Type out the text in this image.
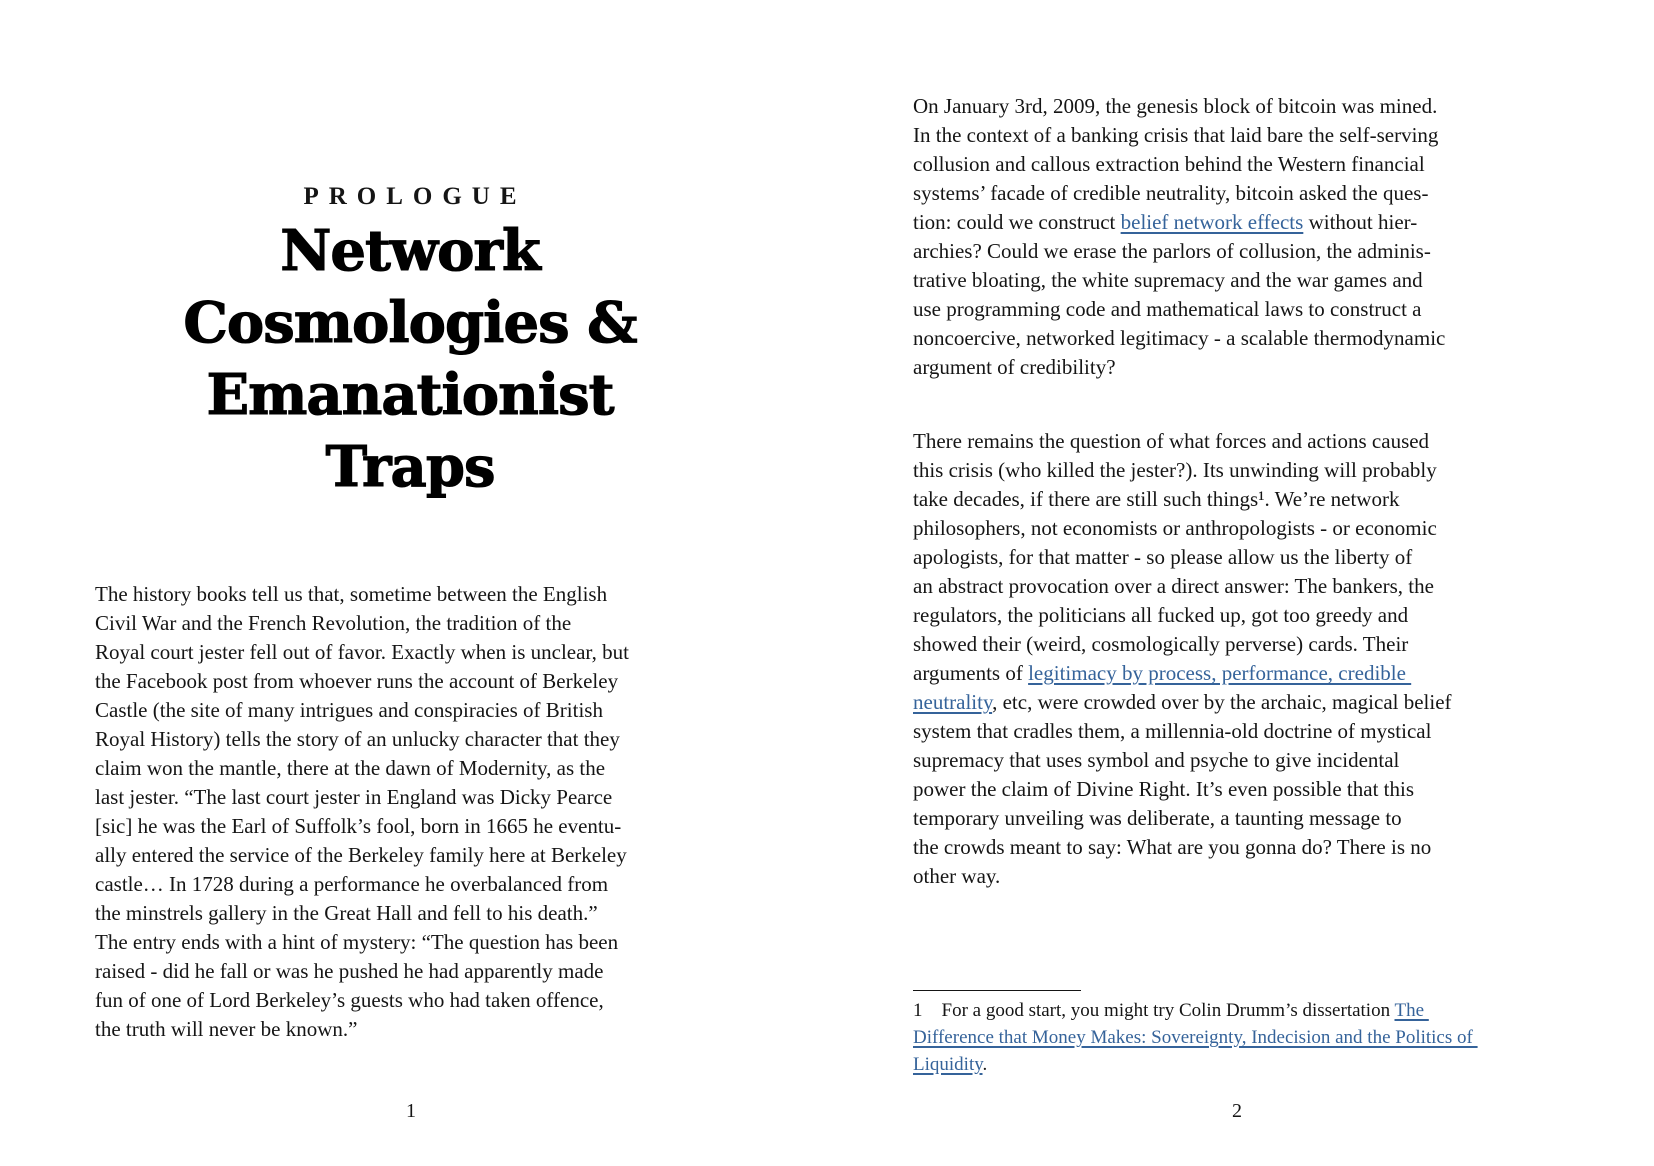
PROLOGUE
Network
Cosmologies &
Emanationist
Traps
The history books tell us that, sometime between the English
Civil War and the French Revolution, the tradition of the
Royal court jester fell out of favor. Exactly when is unclear, but
the Facebook post from whoever runs the account of Berkeley
Castle (the site of many intrigues and conspiracies of British
Royal History) tells the story of an unlucky character that they
claim won the mantle, there at the dawn of Modernity, as the
last jester. “The last court jester in England was Dicky Pearce
[sic] he was the Earl of Suffolk’s fool, born in 1665 he eventu-
ally entered the service of the Berkeley family here at Berkeley
castle… In 1728 during a performance he overbalanced from
the minstrels gallery in the Great Hall and fell to his death.”
The entry ends with a hint of mystery: “The question has been
raised - did he fall or was he pushed he had apparently made
fun of one of Lord Berkeley’s guests who had taken offence,
the truth will never be known.”
1
On January 3rd, 2009, the genesis block of bitcoin was mined.
In the context of a banking crisis that laid bare the self-serving
collusion and callous extraction behind the Western financial
systems’ facade of credible neutrality, bitcoin asked the ques-
tion: could we construct belief network effects without hier-
archies? Could we erase the parlors of collusion, the adminis-
trative bloating, the white supremacy and the war games and
use programming code and mathematical laws to construct a
noncoercive, networked legitimacy - a scalable thermodynamic
argument of credibility?
There remains the question of what forces and actions caused
this crisis (who killed the jester?). Its unwinding will probably
take decades, if there are still such things¹. We’re network
philosophers, not economists or anthropologists - or economic
apologists, for that matter - so please allow us the liberty of
an abstract provocation over a direct answer: The bankers, the
regulators, the politicians all fucked up, got too greedy and
showed their (weird, cosmologically perverse) cards. Their
arguments of legitimacy by process, performance, credible
neutrality, etc, were crowded over by the archaic, magical belief
system that cradles them, a millennia-old doctrine of mystical
supremacy that uses symbol and psyche to give incidental
power the claim of Divine Right. It’s even possible that this
temporary unveiling was deliberate, a taunting message to
the crowds meant to say: What are you gonna do? There is no
other way.
1    For a good start, you might try Colin Drumm’s dissertation The
Difference that Money Makes: Sovereignty, Indecision and the Politics of
Liquidity.
2
